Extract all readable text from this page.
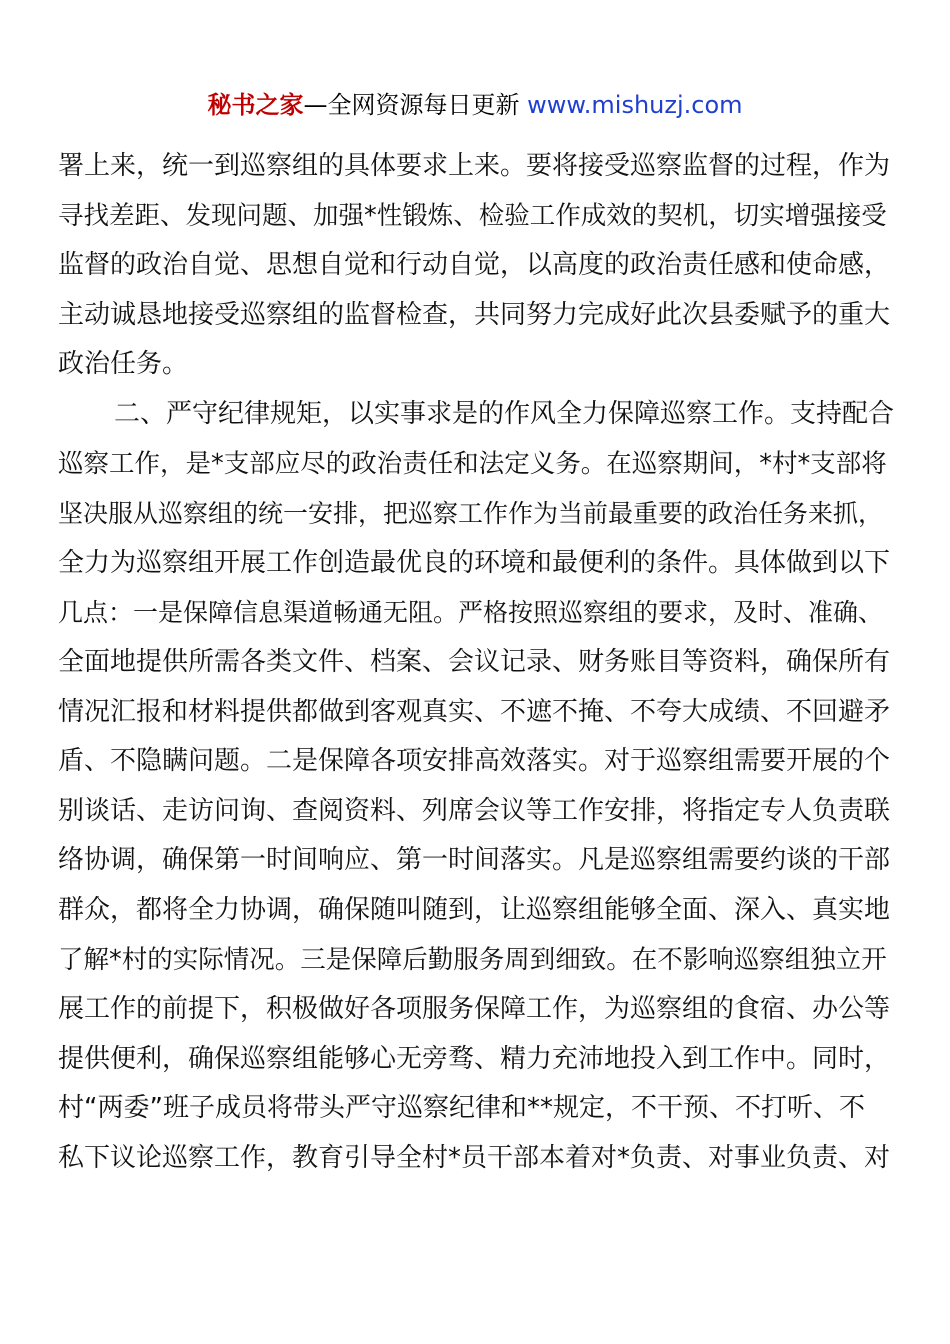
秘书之家—全网资源每日更新 www.mishuzj.com
署上来，统一到巡察组的具体要求上来。要将接受巡察监督的过程，作为
寻找差距、发现问题、加强*性锻炼、检验工作成效的契机，切实增强接受
监督的政治自觉、思想自觉和行动自觉，以高度的政治责任感和使命感，
主动诚恳地接受巡察组的监督检查，共同努力完成好此次县委赋予的重大
政治任务。
二、严守纪律规矩，以实事求是的作风全力保障巡察工作。支持配合
巡察工作，是*支部应尽的政治责任和法定义务。在巡察期间，*村*支部将
坚决服从巡察组的统一安排，把巡察工作作为当前最重要的政治任务来抓，
全力为巡察组开展工作创造最优良的环境和最便利的条件。具体做到以下
几点：一是保障信息渠道畅通无阻。严格按照巡察组的要求，及时、准确、
全面地提供所需各类文件、档案、会议记录、财务账目等资料，确保所有
情况汇报和材料提供都做到客观真实、不遮不掩、不夸大成绩、不回避矛
盾、不隐瞒问题。二是保障各项安排高效落实。对于巡察组需要开展的个
别谈话、走访问询、查阅资料、列席会议等工作安排，将指定专人负责联
络协调，确保第一时间响应、第一时间落实。凡是巡察组需要约谈的干部
群众，都将全力协调，确保随叫随到，让巡察组能够全面、深入、真实地
了解*村的实际情况。三是保障后勤服务周到细致。在不影响巡察组独立开
展工作的前提下，积极做好各项服务保障工作，为巡察组的食宿、办公等
提供便利，确保巡察组能够心无旁骛、精力充沛地投入到工作中。同时，
村“两委”班子成员将带头严守巡察纪律和**规定，不干预、不打听、不
私下议论巡察工作，教育引导全村*员干部本着对*负责、对事业负责、对
